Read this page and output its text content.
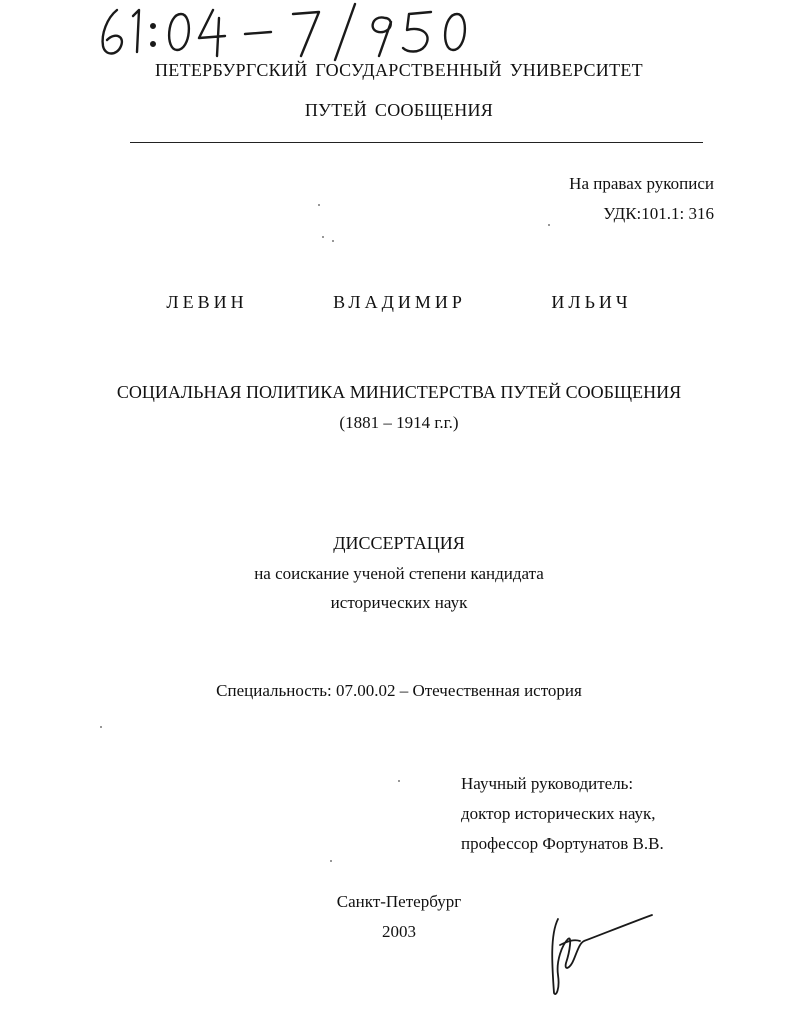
ПЕТЕРБУРГСКИЙ ГОСУДАРСТВЕННЫЙ УНИВЕРСИТЕТ
ПУТЕЙ СООБЩЕНИЯ
На правах рукописи
УДК:101.1: 316
ЛЕВИН   ВЛАДИМИР   ИЛЬИЧ
СОЦИАЛЬНАЯ ПОЛИТИКА МИНИСТЕРСТВА ПУТЕЙ СООБЩЕНИЯ
(1881 – 1914 г.г.)
ДИССЕРТАЦИЯ
на соискание ученой степени кандидата
исторических наук
Специальность: 07.00.02 – Отечественная история
Научный руководитель:
доктор исторических наук,
профессор Фортунатов В.В.
Санкт-Петербург
2003
